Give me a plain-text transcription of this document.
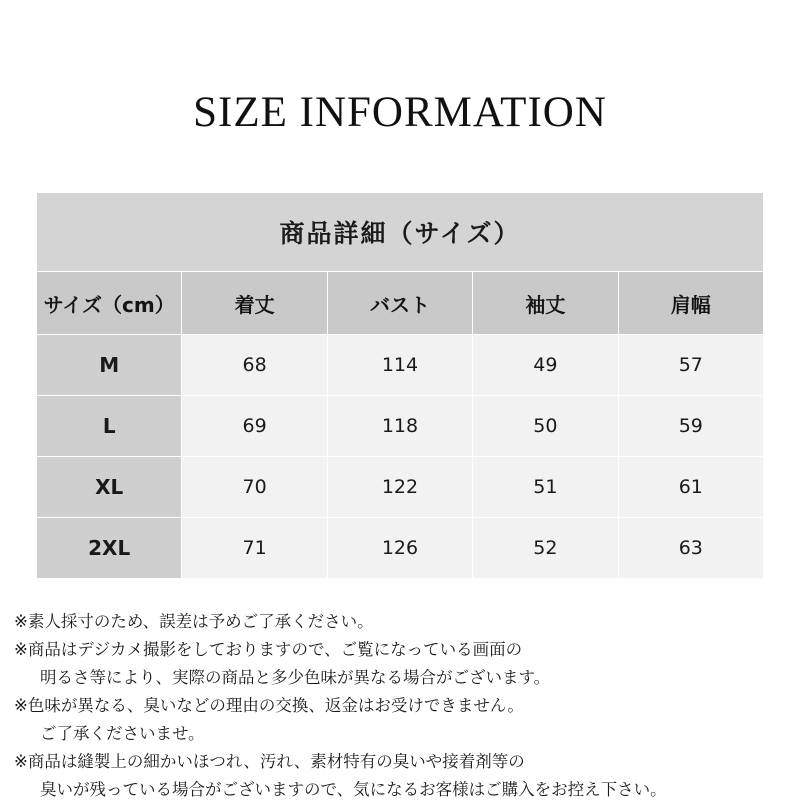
SIZE INFORMATION
商品詳細（サイズ）				
サイズ（cm）	着丈	バスト	袖丈	肩幅
M	68	114	49	57
L	69	118	50	59
XL	70	122	51	61
2XL	71	126	52	63
※素人採寸のため、誤差は予めご了承ください。
※商品はデジカメ撮影をしておりますので、ご覧になっている画面の
明るさ等により、実際の商品と多少色味が異なる場合がございます。
※色味が異なる、臭いなどの理由の交換、返金はお受けできません。
ご了承くださいませ。
※商品は縫製上の細かいほつれ、汚れ、素材特有の臭いや接着剤等の
臭いが残っている場合がございますので、気になるお客様はご購入をお控え下さい。
